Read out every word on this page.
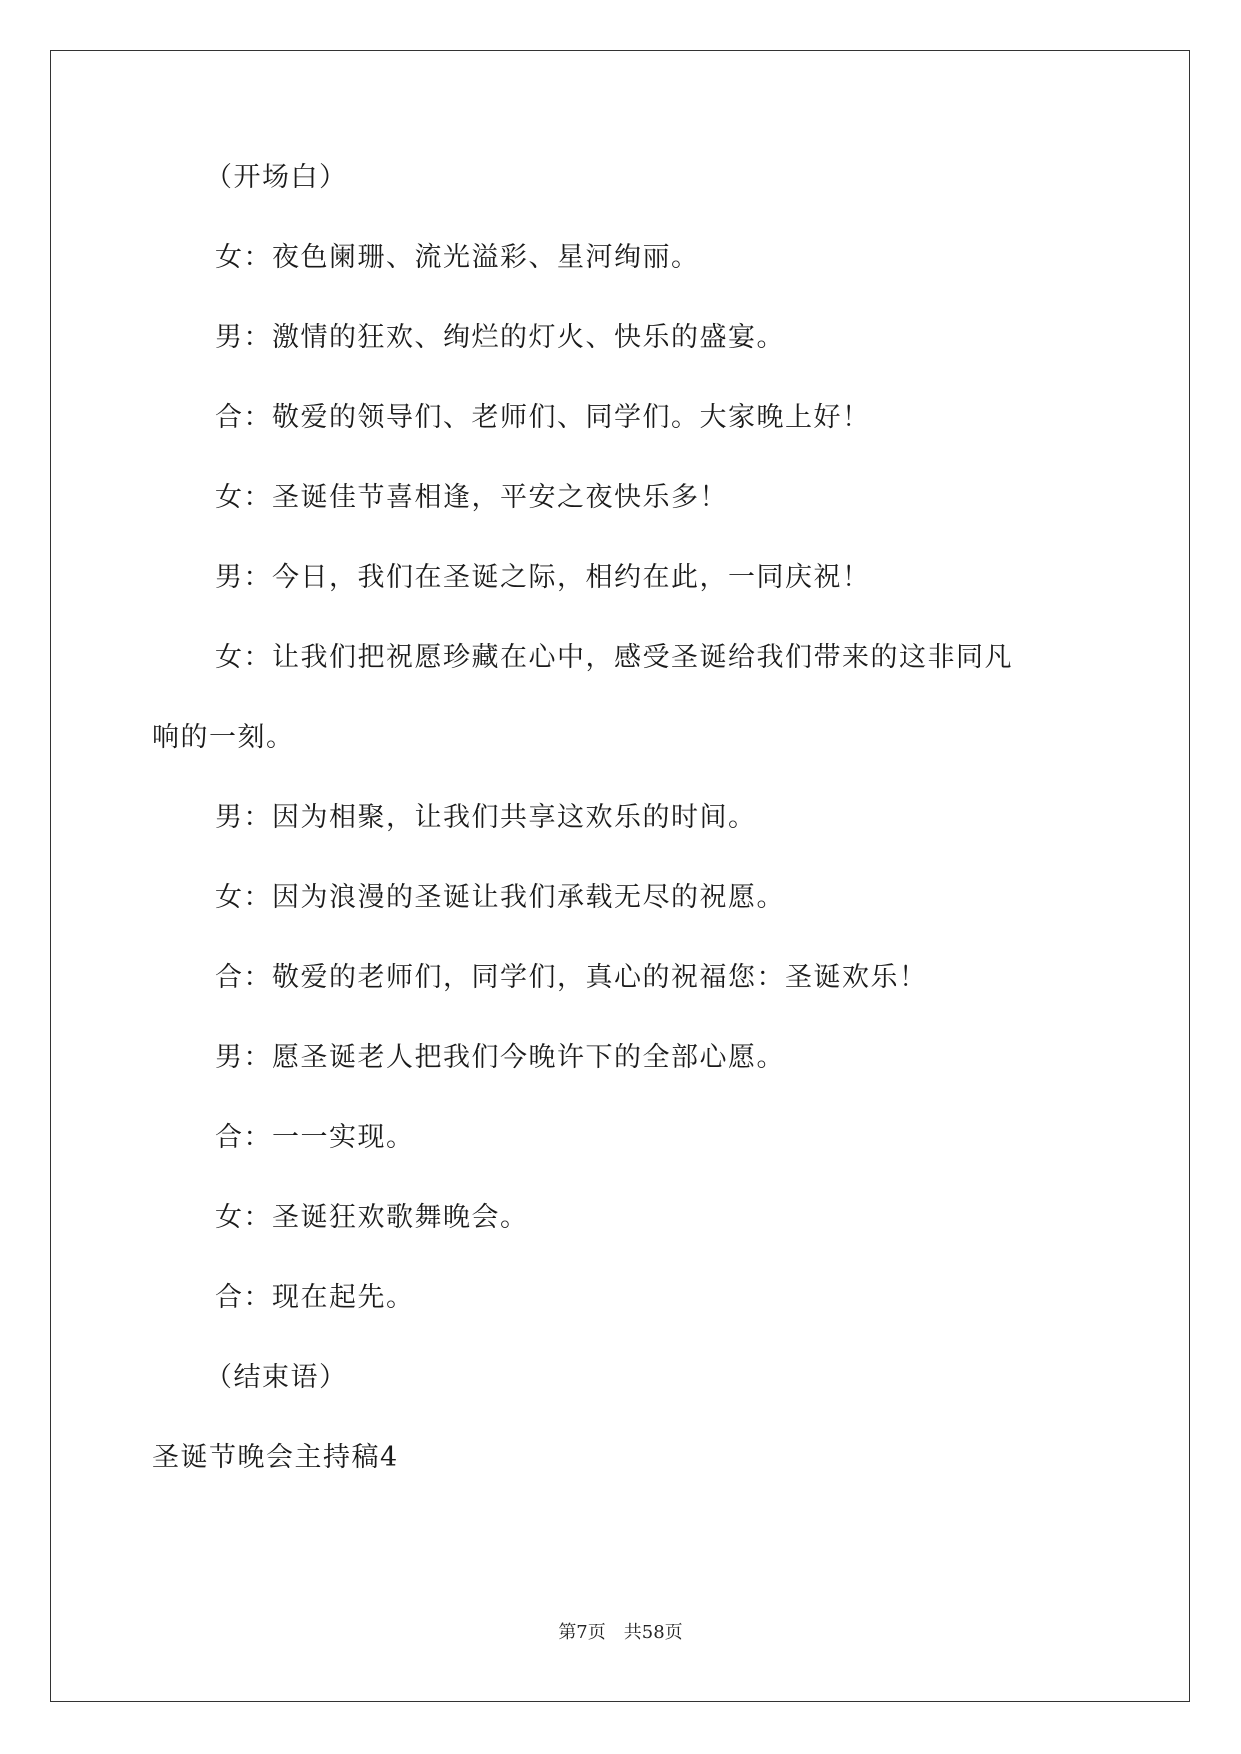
（开场白）
女：夜色阑珊、流光溢彩、星河绚丽。
男：激情的狂欢、绚烂的灯火、快乐的盛宴。
合：敬爱的领导们、老师们、同学们。大家晚上好！
女：圣诞佳节喜相逢，平安之夜快乐多！
男：今日，我们在圣诞之际，相约在此，一同庆祝！
女：让我们把祝愿珍藏在心中，感受圣诞给我们带来的这非同凡
响的一刻。
男：因为相聚，让我们共享这欢乐的时间。
女：因为浪漫的圣诞让我们承载无尽的祝愿。
合：敬爱的老师们，同学们，真心的祝福您：圣诞欢乐！
男：愿圣诞老人把我们今晚许下的全部心愿。
合：一一实现。
女：圣诞狂欢歌舞晚会。
合：现在起先。
（结束语）
圣诞节晚会主持稿4
第7页 共58页
